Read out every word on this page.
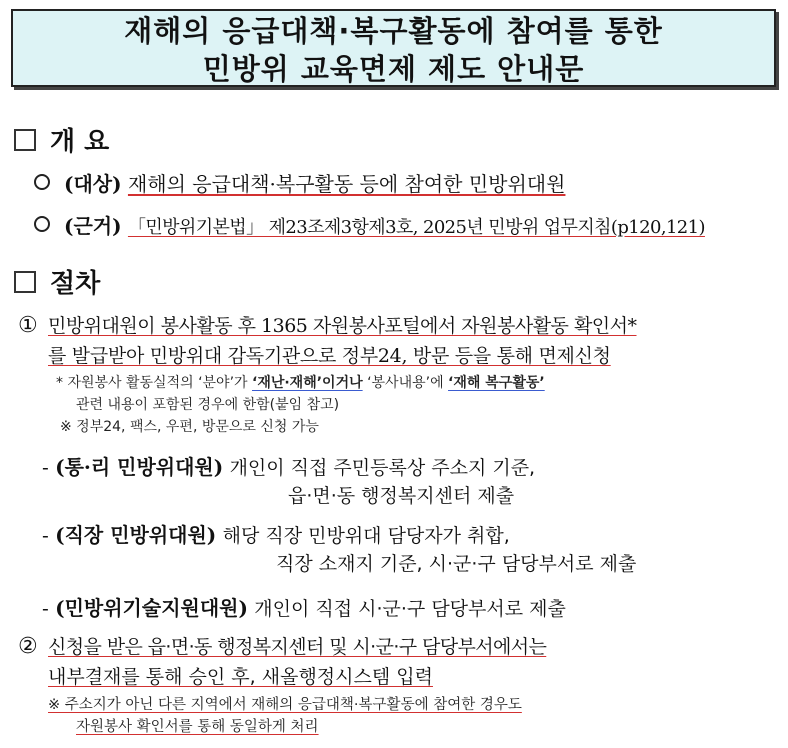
재해의 응급대책·복구활동에 참여를 통한
민방위 교육면제 제도 안내문
개 요
(대상) 재해의 응급대책·복구활동 등에 참여한 민방위대원
(근거) 「민방위기본법」 제23조제3항제3호, 2025년 민방위 업무지침(p120,121)
절차
① 민방위대원이 봉사활동 후 1365 자원봉사포털에서 자원봉사활동 확인서*
를 발급받아 민방위대 감독기관으로 정부24, 방문 등을 통해 면제신청
* 자원봉사 활동실적의 ‘분야’가 ‘재난·재해’이거나 ‘봉사내용’에 ‘재해 복구활동’
관련 내용이 포함된 경우에 한함(붙임 참고)
※ 정부24, 팩스, 우편, 방문으로 신청 가능
- (통·리 민방위대원) 개인이 직접 주민등록상 주소지 기준,
읍·면·동 행정복지센터 제출
- (직장 민방위대원) 해당 직장 민방위대 담당자가 취합,
직장 소재지 기준, 시·군·구 담당부서로 제출
- (민방위기술지원대원) 개인이 직접 시·군·구 담당부서로 제출
② 신청을 받은 읍·면·동 행정복지센터 및 시·군·구 담당부서에서는
내부결재를 통해 승인 후, 새올행정시스템 입력
※ 주소지가 아닌 다른 지역에서 재해의 응급대책·복구활동에 참여한 경우도
자원봉사 확인서를 통해 동일하게 처리
